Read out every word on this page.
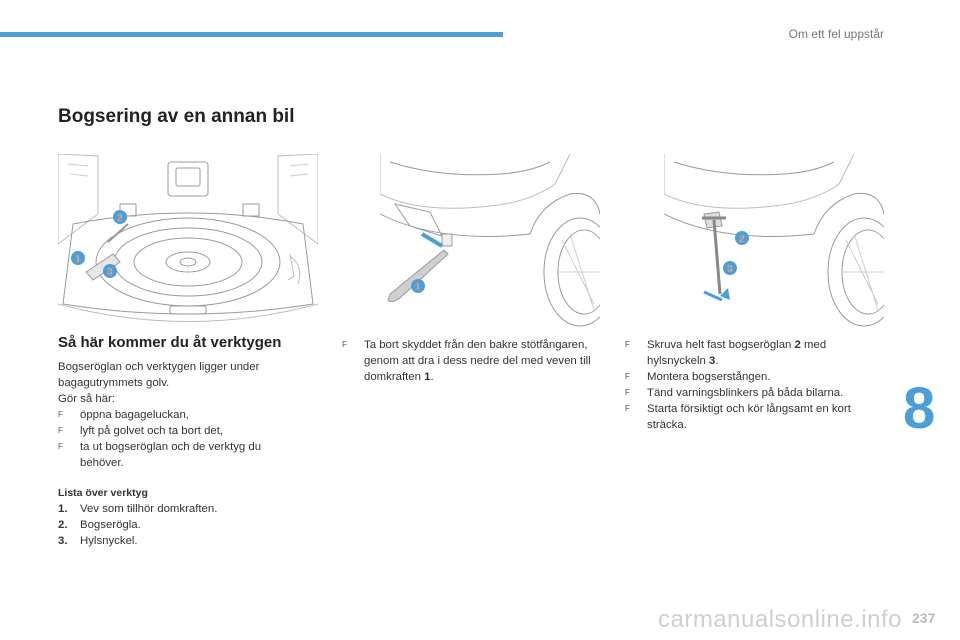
Om ett fel uppstår
Bogsering av en annan bil
1
2
3
1
2
3
Så här kommer du åt verktygen

Bogseröglan och verktygen ligger under bagagutrymmets golv.

Gör så här:

F öppna bagageluckan,
F lyft på golvet och ta bort det,
F ta ut bogseröglan och de verktyg du behöver.

Lista över verktyg

1. Vev som tillhör domkraften.

2. Bogserögla.

3. Hylsnyckel.

F Ta bort skyddet från den bakre stötfångaren, genom att dra i dess nedre del med veven till domkraften 1.
F Skruva helt fast bogseröglan 2 med hylsnyckeln 3.
F Montera bogserstången.
F Tänd varningsblinkers på båda bilarna.
F Starta försiktigt och kör långsamt en kort sträcka.	8
carmanualsonline.info 237
